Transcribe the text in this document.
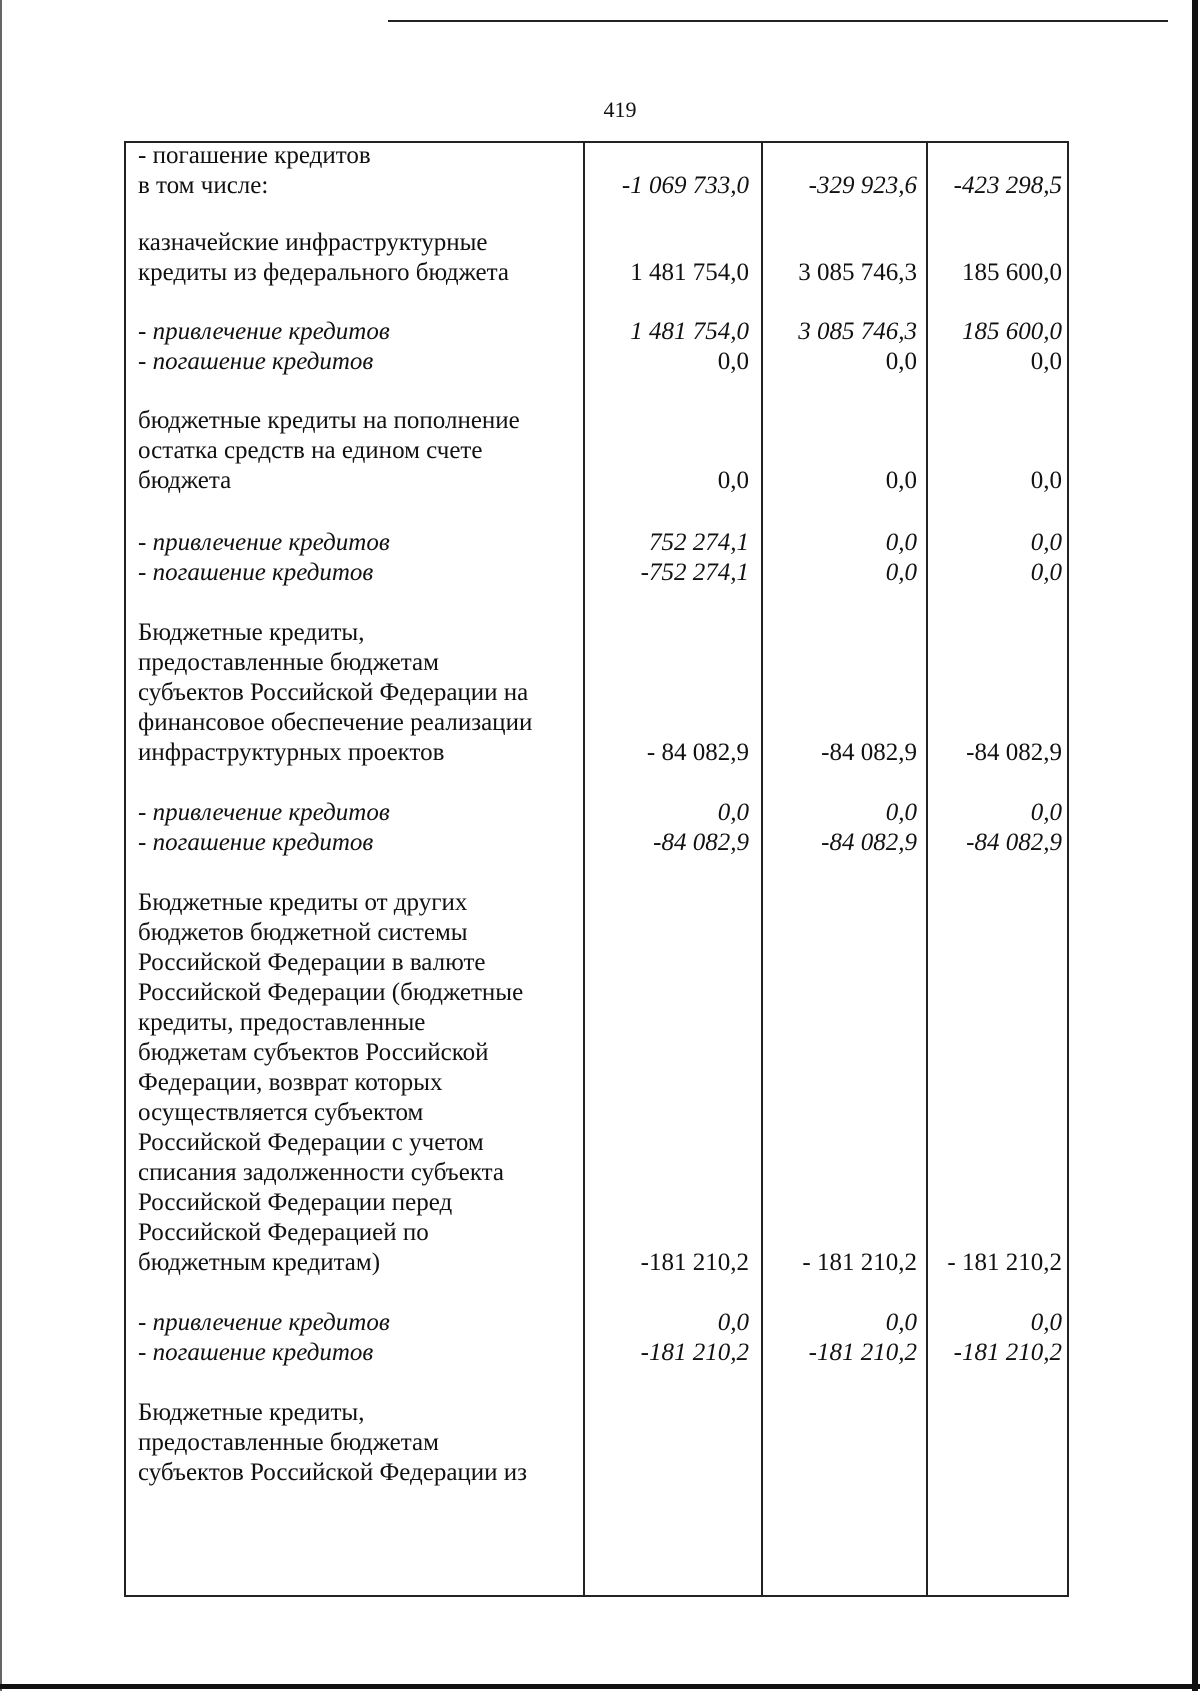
419
- погашение кредитов
в том числе:	-1 069 733,0	-329 923,6	-423 298,5
казначейские инфраструктурные
кредиты из федерального бюджета	1 481 754,0	3 085 746,3	185 600,0
- привлечение кредитов	1 481 754,0	3 085 746,3	185 600,0
- погашение кредитов	0,0	0,0	0,0
бюджетные кредиты на пополнение
остатка средств на едином счете
бюджета	0,0	0,0	0,0
- привлечение кредитов	752 274,1	0,0	0,0
- погашение кредитов	-752 274,1	0,0	0,0
Бюджетные кредиты,
предоставленные бюджетам
субъектов Российской Федерации на
финансовое обеспечение реализации
инфраструктурных проектов	- 84 082,9	-84 082,9	-84 082,9
- привлечение кредитов	0,0	0,0	0,0
- погашение кредитов	-84 082,9	-84 082,9	-84 082,9
Бюджетные кредиты от других
бюджетов бюджетной системы
Российской Федерации в валюте
Российской Федерации (бюджетные
кредиты, предоставленные
бюджетам субъектов Российской
Федерации, возврат которых
осуществляется субъектом
Российской Федерации с учетом
списания задолженности субъекта
Российской Федерации перед
Российской Федерацией по
бюджетным кредитам)	-181 210,2	- 181 210,2	- 181 210,2
- привлечение кредитов	0,0	0,0	0,0
- погашение кредитов	-181 210,2	-181 210,2	-181 210,2
Бюджетные кредиты,
предоставленные бюджетам
субъектов Российской Федерации из
